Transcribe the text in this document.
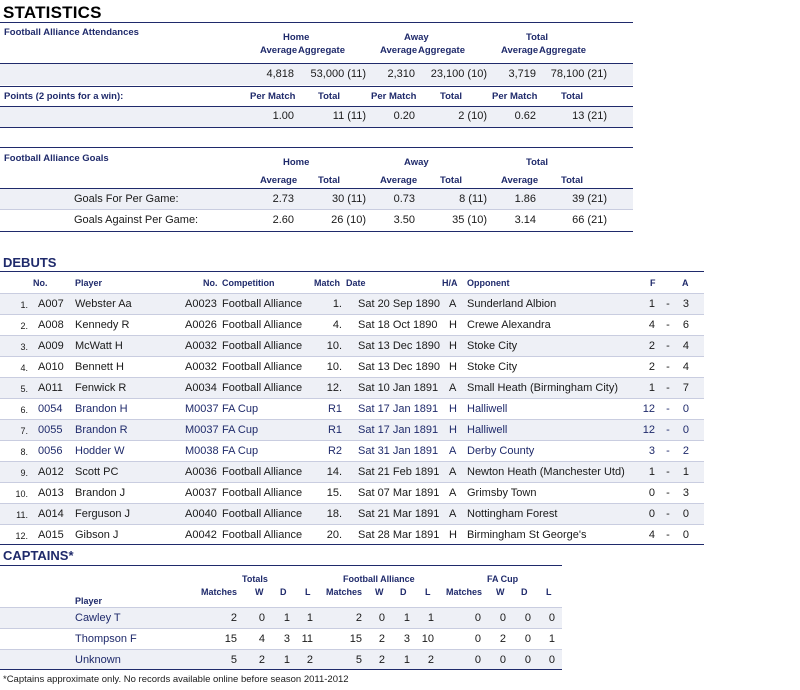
STATISTICS
Football Alliance Attendances	Home	Away	Total
Average Aggregate	Average Aggregate	Average Aggregate
4,818	53,000 (11)	2,310	23,100 (10)	3,719	78,100 (21)
Points (2 points for a win):	Per Match Total	Per Match Total	Per Match Total
1.00	11 (11)	0.20	2 (10)	0.62	13 (21)
Football Alliance Goals	Home	Away	Total
Average Total	Average Total	Average Total
Goals For Per Game:	2.73	30 (11)	0.73	8 (11)	1.86	39 (21)
Goals Against Per Game:	2.60	26 (10)	3.50	35 (10)	3.14	66 (21)
DEBUTS
No.	Player	No. Competition	Match Date	H/A Opponent	F	A
1. A007	Webster Aa	A0023 Football Alliance	1. Sat 20 Sep 1890 A Sunderland Albion	1 -	3
2. A008	Kennedy R	A0026 Football Alliance	4. Sat 18 Oct 1890	H Crewe Alexandra	4 -	6
3. A009	McWatt H	A0032 Football Alliance	10. Sat 13 Dec 1890 H Stoke City	2 -	4
4. A010	Bennett H	A0032 Football Alliance	10. Sat 13 Dec 1890 H Stoke City	2 -	4
5. A011	Fenwick R	A0034 Football Alliance	12. Sat 10 Jan 1891 A Small Heath (Birmingham City)	1 -	7
6. 0054	Brandon H	M0037 FA Cup	R1 Sat 17 Jan 1891 H Halliwell	12 -	0
7. 0055	Brandon R	M0037 FA Cup	R1 Sat 17 Jan 1891 H Halliwell	12 -	0
8. 0056	Hodder W	M0038 FA Cup	R2 Sat 31 Jan 1891 A Derby County	3 -	2
9. A012	Scott PC	A0036 Football Alliance	14. Sat 21 Feb 1891 A Newton Heath (Manchester Utd)	1 -	1
10. A013	Brandon J	A0037 Football Alliance	15. Sat 07 Mar 1891 A Grimsby Town	0 -	3
11. A014	Ferguson J	A0040 Football Alliance	18. Sat 21 Mar 1891 A Nottingham Forest	0 -	0
12. A015	Gibson J	A0042 Football Alliance	20. Sat 28 Mar 1891 H Birmingham St George's	4 -	0
CAPTAINS*
Totals	Football Alliance	FA Cup
Player
Matches W D L Matches W D L Matches W D L
Cawley T	2	0	1	1	2	0	1	1	0	0	0	0
Thompson F	15	4	3	11	15	2	3	10	0	2	0	1
Unknown	5	2	1	2	5	2	1	2	0	0	0	0
*Captains approximate only. No records available online before season 2011-2012
